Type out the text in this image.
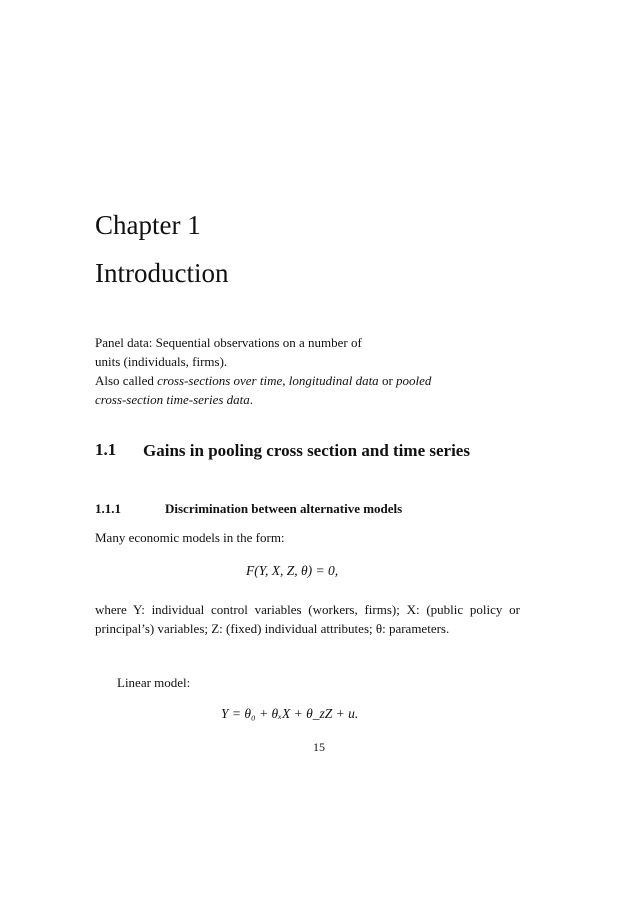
Chapter 1
Introduction

Panel data: Sequential observations on a number of

units (individuals, firms).

Also called cross-sections over time, longitudinal data or pooled

cross-section time-series data.

1.1 Gains in pooling cross section and time series
1.1.1	Discrimination between alternative models

Many economic models in the form:

F(Y, X, Z, θ) = 0,

where Y: individual control variables (workers, firms); X: (public policy or principal’s) variables; Z: (fixed) individual attributes; θ: parameters.

Linear model:

Y = θ₀ + θₓX + θ_zZ + u.
15
